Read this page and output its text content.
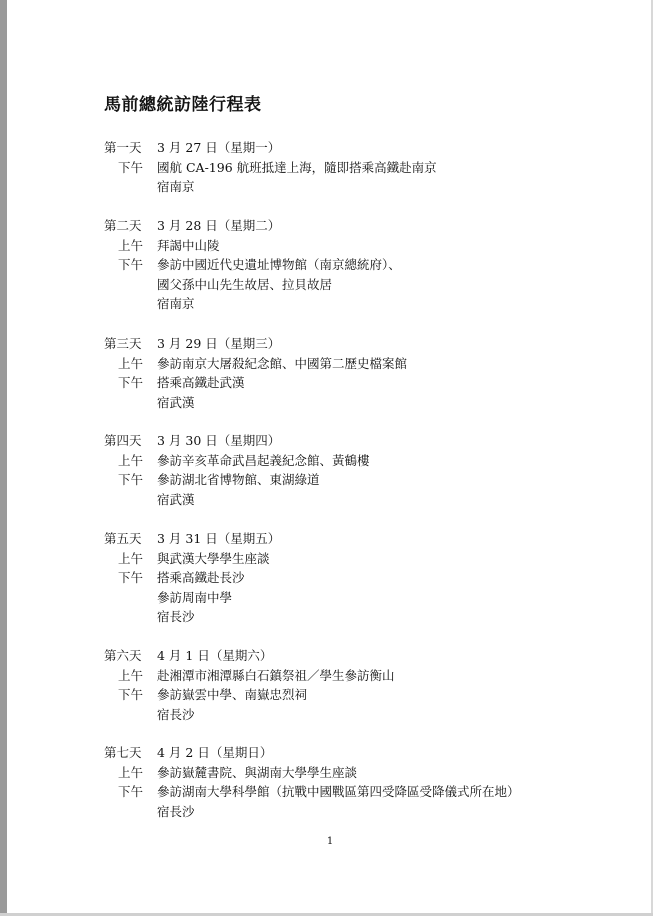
馬前總統訪陸行程表
第一天 3 月 27 日（星期一）
下午 國航 CA-196 航班抵達上海，隨即搭乘高鐵赴南京
宿南京
第二天 3 月 28 日（星期二）
上午 拜謁中山陵
下午 參訪中國近代史遺址博物館（南京總統府）、
國父孫中山先生故居、拉貝故居
宿南京
第三天 3 月 29 日（星期三）
上午 參訪南京大屠殺紀念館、中國第二歷史檔案館
下午 搭乘高鐵赴武漢
宿武漢
第四天 3 月 30 日（星期四）
上午 參訪辛亥革命武昌起義紀念館、黃鶴樓
下午 參訪湖北省博物館、東湖綠道
宿武漢
第五天 3 月 31 日（星期五）
上午 與武漢大學學生座談
下午 搭乘高鐵赴長沙
參訪周南中學
宿長沙
第六天 4 月 1 日（星期六）
上午 赴湘潭市湘潭縣白石鎮祭祖／學生參訪衡山
下午 參訪嶽雲中學、南嶽忠烈祠
宿長沙
第七天 4 月 2 日（星期日）
上午 參訪嶽麓書院、與湖南大學學生座談
下午 參訪湖南大學科學館（抗戰中國戰區第四受降區受降儀式所在地）
宿長沙
1
